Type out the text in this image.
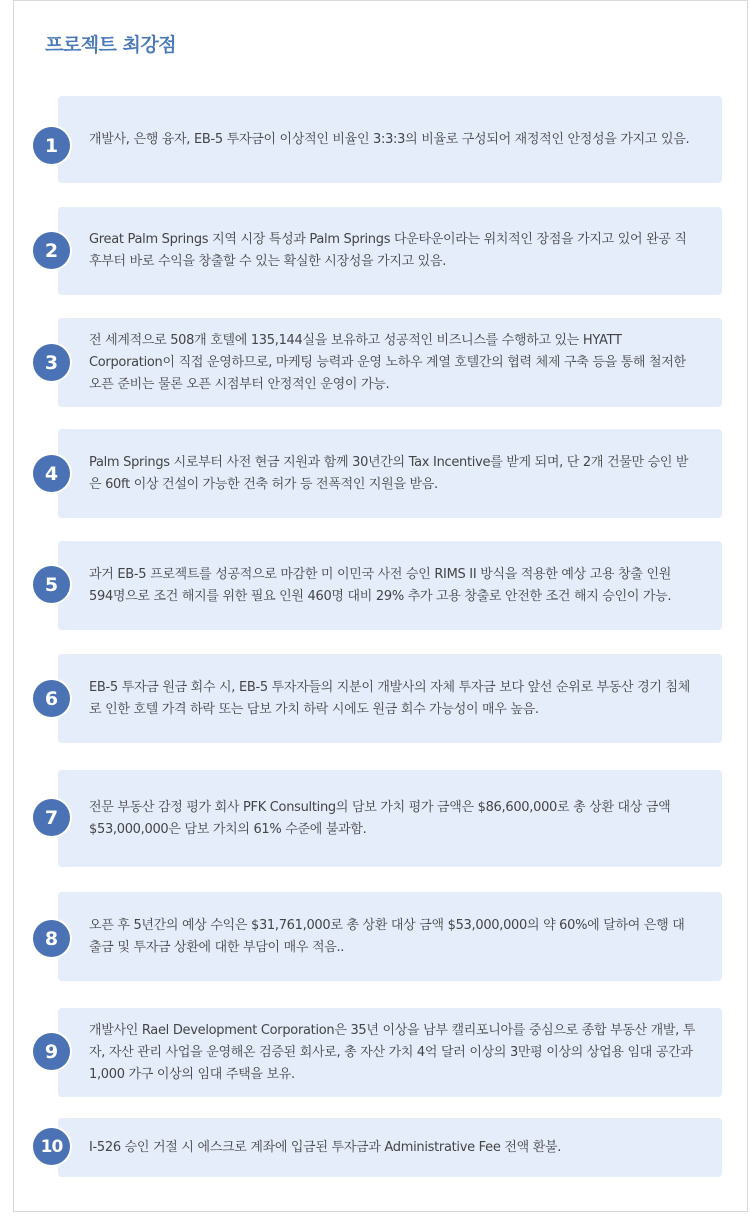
프로젝트 최강점
개발사, 은행 융자, EB-5 투자금이 이상적인 비율인 3:3:3의 비율로 구성되어 재정적인 안정성을 가지고 있음.
1
Great Palm Springs 지역 시장 특성과 Palm Springs 다운타운이라는 위치적인 장점을 가지고 있어 완공 직후부터 바로 수익을 창출할 수 있는 확실한 시장성을 가지고 있음.
2
전 세계적으로 508개 호텔에 135,144실을 보유하고 성공적인 비즈니스를 수행하고 있는 HYATT Corporation이 직접 운영하므로, 마케팅 능력과 운영 노하우 계열 호텔간의 협력 체제 구축 등을 통해 철저한 오픈 준비는 물론 오픈 시점부터 안정적인 운영이 가능.
3
Palm Springs 시로부터 사전 현금 지원과 함께 30년간의 Tax Incentive를 받게 되며, 단 2개 건물만 승인 받은 60ft 이상 건설이 가능한 건축 허가 등 전폭적인 지원을 받음.
4
과거 EB-5 프로젝트를 성공적으로 마감한 미 이민국 사전 승인 RIMS II 방식을 적용한 예상 고용 창출 인원 594명으로 조건 해지를 위한 필요 인원 460명 대비 29% 추가 고용 창출로 안전한 조건 해지 승인이 가능.
5
EB-5 투자금 원금 회수 시, EB-5 투자자들의 지분이 개발사의 자체 투자금 보다 앞선 순위로 부동산 경기 침체로 인한 호텔 가격 하락 또는 담보 가치 하락 시에도 원금 회수 가능성이 매우 높음.
6
전문 부동산 감정 평가 회사 PFK Consulting의 담보 가치 평가 금액은 $86,600,000로 총 상환 대상 금액 $53,000,000은 담보 가치의 61% 수준에 불과함.
7
오픈 후 5년간의 예상 수익은 $31,761,000로 총 상환 대상 금액 $53,000,000의 약 60%에 달하여 은행 대출금 및 투자금 상환에 대한 부담이 매우 적음..
8
개발사인 Rael Development Corporation은 35년 이상을 남부 캘리포니아를 중심으로 종합 부동산 개발, 투자, 자산 관리 사업을 운영해온 검증된 회사로, 총 자산 가치 4억 달러 이상의 3만평 이상의 상업용 임대 공간과 1,000 가구 이상의 임대 주택을 보유.
9
I-526 승인 거절 시 에스크로 계좌에 입금된 투자금과 Administrative Fee 전액 환불.
10
